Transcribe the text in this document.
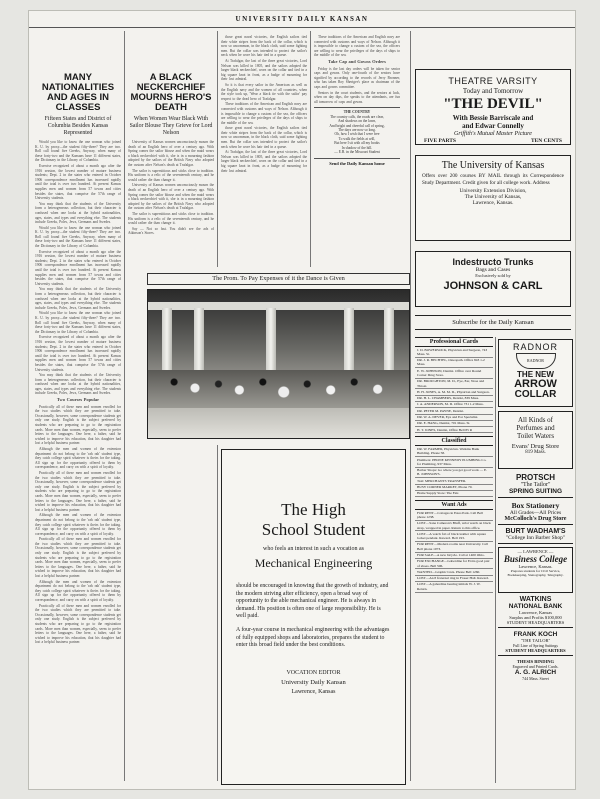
UNIVERSITY DAILY KANSAN
MANY NATIONALITIES AND AGES IN CLASSES
Fifteen States and District of Columbia Besides Kansas Represented

Would you like to know the one woman who joined K. U. by proxy—the student fifty-three? They are two. Roll call found five Greeks, Anyway, when many of these forty-two and the Kansans have 11 different states, the Dictionary in the Library of Columbia.

Exercise recognized of about a month ago after the 1916 session, the lowest number of mature business students; Dept. 2 in the states who entered in October 1906 correspondence enrollment has increased rapidly until the total is over two hundred. At present Kansas supplies men and women from 57 towns and cities besides the states, that comprise the 57th range of University students.

You may think that the students of the University form a heterogeneous collection, but their character is confused when one looks at the hybrid nationalities, ages, states, and types and everything else. The students include Greeks, Poles, Jews, Germans and Swedes.

Would you like to know the one woman who joined K. U. by proxy—the student fifty-three? They are two. Roll call found five Greeks, Anyway, when many of these forty-two and the Kansans have 11 different states, the Dictionary in the Library of Columbia.

Exercise recognized of about a month ago after the 1916 session, the lowest number of mature business students; Dept. 2 in the states who entered in October 1906 correspondence enrollment has increased rapidly until the total is over two hundred. At present Kansas supplies men and women from 57 towns and cities besides the states, that comprise the 57th range of University students.

You may think that the students of the University form a heterogeneous collection, but their character is confused when one looks at the hybrid nationalities, ages, states, and types and everything else. The students include Greeks, Poles, Jews, Germans and Swedes.

Would you like to know the one woman who joined K. U. by proxy—the student fifty-three? They are two. Roll call found five Greeks, Anyway, when many of these forty-two and the Kansans have 11 different states, the Dictionary in the Library of Columbia.

Exercise recognized of about a month ago after the 1916 session, the lowest number of mature business students; Dept. 2 in the states who entered in October 1906 correspondence enrollment has increased rapidly until the total is over two hundred. At present Kansas supplies men and women from 57 towns and cities besides the states, that comprise the 57th range of University students.

You may think that the students of the University form a heterogeneous collection, but their character is confused when one looks at the hybrid nationalities, ages, states, and types and everything else. The students include Greeks, Poles, Jews, Germans and Swedes.

Two Courses Popular

Practically all of these men and women enrolled for the two studies which they are permitted to take. Occasionally, however, some correspondence students get only one study. English is the subject preferred by students who are preparing to go to the registration cards. More men than women, especially, seem to prefer letters to the languages. One here, a father, said he wished to improve his education, that his daughter had lost a helpful business partner.

Although the men and women of the extension department do not belong to the 'rah rah' student type, they catch college spirit whatever is theirs for the taking. All sign up for the opportunity offered to them by correspondence, and carry on with a spirit of loyalty.

Practically all of these men and women enrolled for the two studies which they are permitted to take. Occasionally, however, some correspondence students get only one study. English is the subject preferred by students who are preparing to go to the registration cards. More men than women, especially, seem to prefer letters to the languages. One here, a father, said he wished to improve his education, that his daughter had lost a helpful business partner.

Although the men and women of the extension department do not belong to the 'rah rah' student type, they catch college spirit whatever is theirs for the taking. All sign up for the opportunity offered to them by correspondence, and carry on with a spirit of loyalty.

Practically all of these men and women enrolled for the two studies which they are permitted to take. Occasionally, however, some correspondence students get only one study. English is the subject preferred by students who are preparing to go to the registration cards. More men than women, especially, seem to prefer letters to the languages. One here, a father, said he wished to improve his education, that his daughter had lost a helpful business partner.

Although the men and women of the extension department do not belong to the 'rah rah' student type, they catch college spirit whatever is theirs for the taking. All sign up for the opportunity offered to them by correspondence, and carry on with a spirit of loyalty.

Practically all of these men and women enrolled for the two studies which they are permitted to take. Occasionally, however, some correspondence students get only one study. English is the subject preferred by students who are preparing to go to the registration cards. More men than women, especially, seem to prefer letters to the languages. One here, a father, said he wished to improve his education, that his daughter had lost a helpful business partner.

A BLACK NECKERCHIEF MOURNS HERO'S DEATH
When Women Wear Black With Sailor Blouse They Grieve for Lord Nelson

University of Kansas women unconsciously mourn the death of an English hero of over a century ago. With Spring comes the sailor blouse and when the maid wears a black neckerchief with it, she is in a mourning fashion adopted by the sailors of the British Navy who adopted the custom after Nelson's death at Trafalgar.

The sailor is superstitious and sticks close to tradition. His uniform is a relic of the seventeenth century, and he would rather die than change it.

University of Kansas women unconsciously mourn the death of an English hero of over a century ago. With Spring comes the sailor blouse and when the maid wears a black neckerchief with it, she is in a mourning fashion adopted by the sailors of the British Navy who adopted the custom after Nelson's death at Trafalgar.

The sailor is superstitious and sticks close to tradition. His uniform is a relic of the seventeenth century, and he would rather die than change it.

Say — Not so fast. You didn't see the ads of Atkinson's Stores.

those great naval victories, the English sailors tied their white stripes from the back of the collar, which is now so uncommon, in the black cloth, said some fighting men. But the collar was intended to protect the sailor's neck when he wore his hair tied in a queue.

At Trafalgar, the last of the three great victories, Lord Nelson was killed in 1805, and the sailors adopted the larger black neckerchief, worn on the collar and tied in a big square knot in front, as a badge of mourning for their lost admiral.

So it is that every sailor in the American as well as the English navy and the women of all countries, when the style took up, 'Wear a black tie with the sailor' pay respect to the dead hero of Trafalgar.

These traditions of the American and English navy are connected with customs and ways of Nelson. Although it is impossible to change a custom of the sea, the officers are willing to wear the privileges of the days of ships to the middle of the sea.

those great naval victories, the English sailors tied their white stripes from the back of the collar, which is now so uncommon, in the black cloth, said some fighting men. But the collar was intended to protect the sailor's neck when he wore his hair tied in a queue.

At Trafalgar, the last of the three great victories, Lord Nelson was killed in 1805, and the sailors adopted the larger black neckerchief, worn on the collar and tied in a big square knot in front, as a badge of mourning for their lost admiral.

These traditions of the American and English navy are connected with customs and ways of Nelson. Although it is impossible to change a custom of the sea, the officers are willing to wear the privileges of the days of ships to the middle of the sea.

Take Cap and Gowns Orders

Friday is the last day orders will be taken for senior caps and gowns. Only one-fourth of the seniors have signified by according to the records of Jerry Bronner, who has taken Roy Sheriger's place as chairman of the caps and gowns committee.

Seniors in the court students, and the seniors at luck, when on day dips, the speaks to the attendants, are fun all tomorrow of caps and gowns.

THE COUNTRY
The country calls, the roads are clear,
And shadows on the lawn,
And bright and cheerful call of spring,
The days are now so long.
Oh, how I wish that I were free
To walk the fields at will,
But here I sit with all my books
In shadow of the hill.
— E.B. in the Missouri Student
Send the Daily Kansan home
The Prom. To Pay Expenses of it the Dance is Given
The High
School Student
who feels an interest in such a vocation as
Mechanical Engineering
should be encouraged in knowing that the growth of industry, and the modern striving after efficiency, open a broad way of opportunity to the able mechanical engineer. He is always in demand. His position is often one of large responsibility. He is well paid.
A four-year course in mechanical engineering with the advantages of fully equipped shops and laboratories, prepares the student to enter this broad field under the best conditions.
VOCATION EDITOR
University Daily Kansan
Lawrence, Kansas
THEATRE VARSITY
Today and Tomorrow
"THE DEVIL"
With Bessie Barriscale and
and Edwar Connelly
Griffith's Mutual Master Picture
FIVE PARTS	TEN CENTS
The University of Kansas
Offers over 200 courses BY MAIL through its Correspondence Study Department. Credit given for all college work. Address
University Extension Division,
The University of Kansas,
Lawrence, Kansas.
Indestructo Trunks
Bags and Cases
Exclusively sold by
JOHNSON & CARL
Subscribe for the Daily Kansan
Professional Cards
J. D. BOWERSOCK, Physician and Surgeon, 743 Mass. St.
DR. J. R. BECHTEL, Osteopath. Office 843 1-2 Mass.
E. W. JOHNSON, Dentist. Office over Round Corner Drug Store.
DR. BROUGHTON, M. D., Eye, Ear, Nose and Throat.
H. H. JONES, A. M. M. D., Physician and Surgeon.
DR. H. L. CHAMBERS, Dentist, 839 Mass.
J. A. ANDERSON, M. D. Office 731 1-2 Mass.
DR. PETER M. PAYNE, Dentist.
DR. W. A. DEVER, Eye and Ear Specialist.
DR. E. HANG, Dentist, 701 Mass. St.
H. T. JONES, Dentist, Office Bell 85 R
Classified
DR. W. FARMER, Physician. Watkins Bank Building. Phone 58.
Plumbers: PHONE KENNEDY PLUMBING Co. for Plumbing, 937 Mass.
Barber Shops: Go where you get good work — E. B. JOHNSON'S.
Taxi: MERCHANTS TRANSFER.
BUSY CORNER MARKET, Phone 70.
Home Supply Store: The Fair.
Want Ads
FOR RENT—Cottages in Estes Park. Call Bell phone 1238.
LOST—Sana Cameron's Bluff, wrist watch on black strap, wrapped in paper. Return to this office.
LOST—A watch fob of black leather with square locket pendant. Reward. Bell 193.
FOR RENT—Modern rooms near University. Call Bell phone 1073.
FOR SALE—A new bicycle. Call at 1400 Ohio.
FOR EXCHANGE—Gaberdine for Extra good pair of shoes. Bell 506.
WANTED—Graphic Lists. Phone Bell 1260.
LOST—An 8 fraternal ring in Fraser Hall. Reward.
LOST—A gaberdine bearing initials W. J. W. Return.
RADNOR
RADNOR
THE NEW
ARROW
COLLAR
All Kinds of
Perfumes and
Toilet Waters
Evans' Drug Store
819 Mass.
PROTSCH
"The Tailor"
SPRING SUITING
Box Stationery
All Grades—All Prices
McColloch's Drug Store
BURT WADHAM'S
"College Inn Barber Shop"
— LAWRENCE —
Business College
Lawrence, Kansas.
Prepares students for Civil Service, Bookkeeping, Stenography, Telegraphy.
WATKINS
NATIONAL BANK
Lawrence, Kansas
Surplus and Profits $100,000
STUDENT HEADQUARTERS
FRANK KOCH
"THE TAILOR"
Full Line of Spring Suitings
STUDENT HEADQUARTERS
THESIS BINDING
Engraved and Printed Cards.
A. G. ALRICH
744 Mass. Street
